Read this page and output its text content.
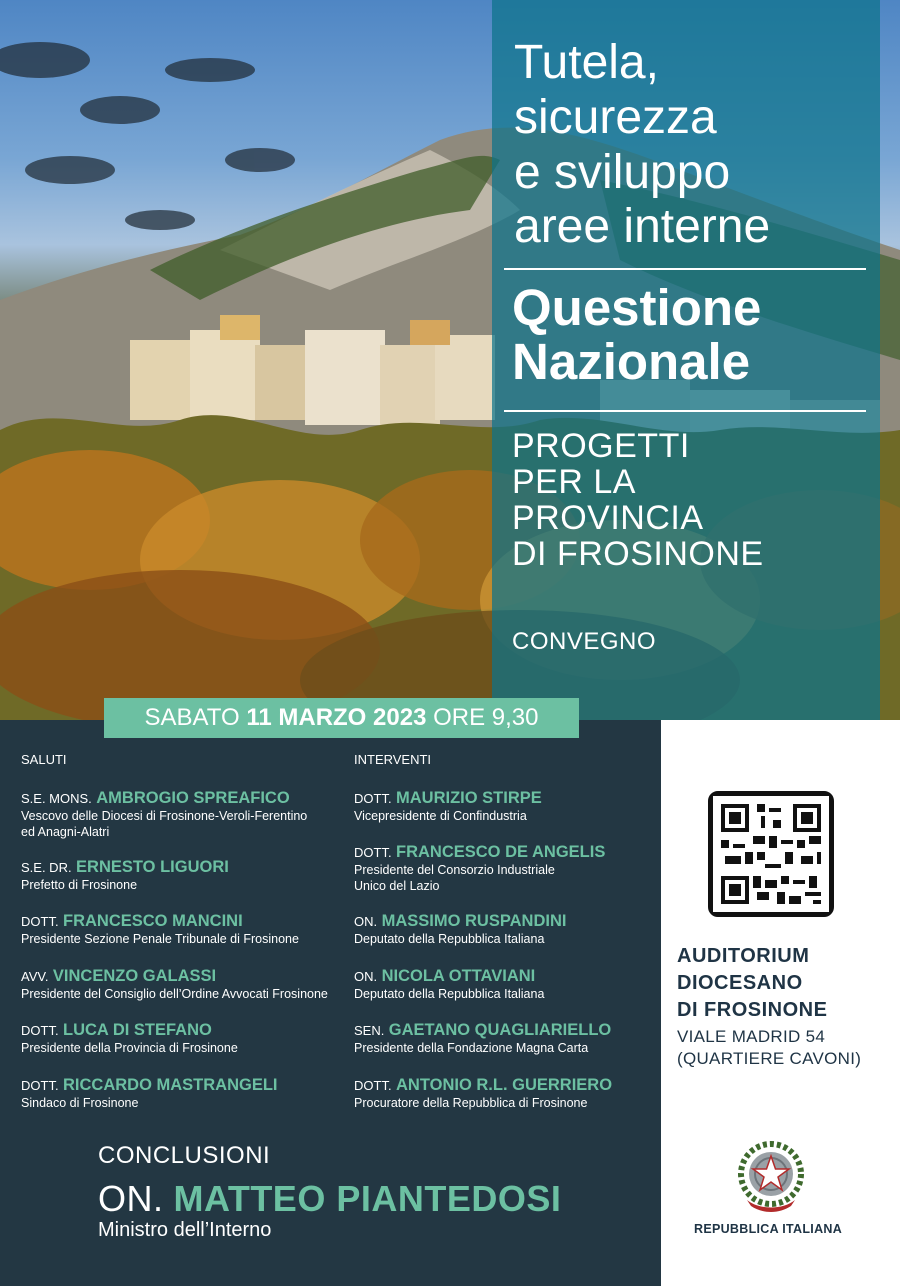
Tutela,
sicurezza
e sviluppo
aree interne
Questione
Nazionale
PROGETTI
PER LA
PROVINCIA
DI FROSINONE
CONVEGNO
SABATO 11 MARZO 2023 ORE 9,30
SALUTI	INTERVENTI
S.E. MONS. AMBROGIO SPREAFICO
Vescovo delle Diocesi di Frosinone-Veroli-Ferentino
ed Anagni-Alatri
S.E. DR. ERNESTO LIGUORI
Prefetto di Frosinone
DOTT. FRANCESCO MANCINI
Presidente Sezione Penale Tribunale di Frosinone
AVV. VINCENZO GALASSI
Presidente del Consiglio dell’Ordine Avvocati Frosinone
DOTT. LUCA DI STEFANO
Presidente della Provincia di Frosinone
DOTT. RICCARDO MASTRANGELI
Sindaco di Frosinone
DOTT. MAURIZIO STIRPE
Vicepresidente di Confindustria
DOTT. FRANCESCO DE ANGELIS
Presidente del Consorzio Industriale
Unico del Lazio
ON. MASSIMO RUSPANDINI
Deputato della Repubblica Italiana
ON. NICOLA OTTAVIANI
Deputato della Repubblica Italiana
SEN. GAETANO QUAGLIARIELLO
Presidente della Fondazione Magna Carta
DOTT. ANTONIO R.L. GUERRIERO
Procuratore della Repubblica di Frosinone
CONCLUSIONI
ON. MATTEO PIANTEDOSI
Ministro dell’Interno
AUDITORIUM
DIOCESANO
DI FROSINONE
VIALE MADRID 54
(QUARTIERE CAVONI)
REPUBBLICA ITALIANA
